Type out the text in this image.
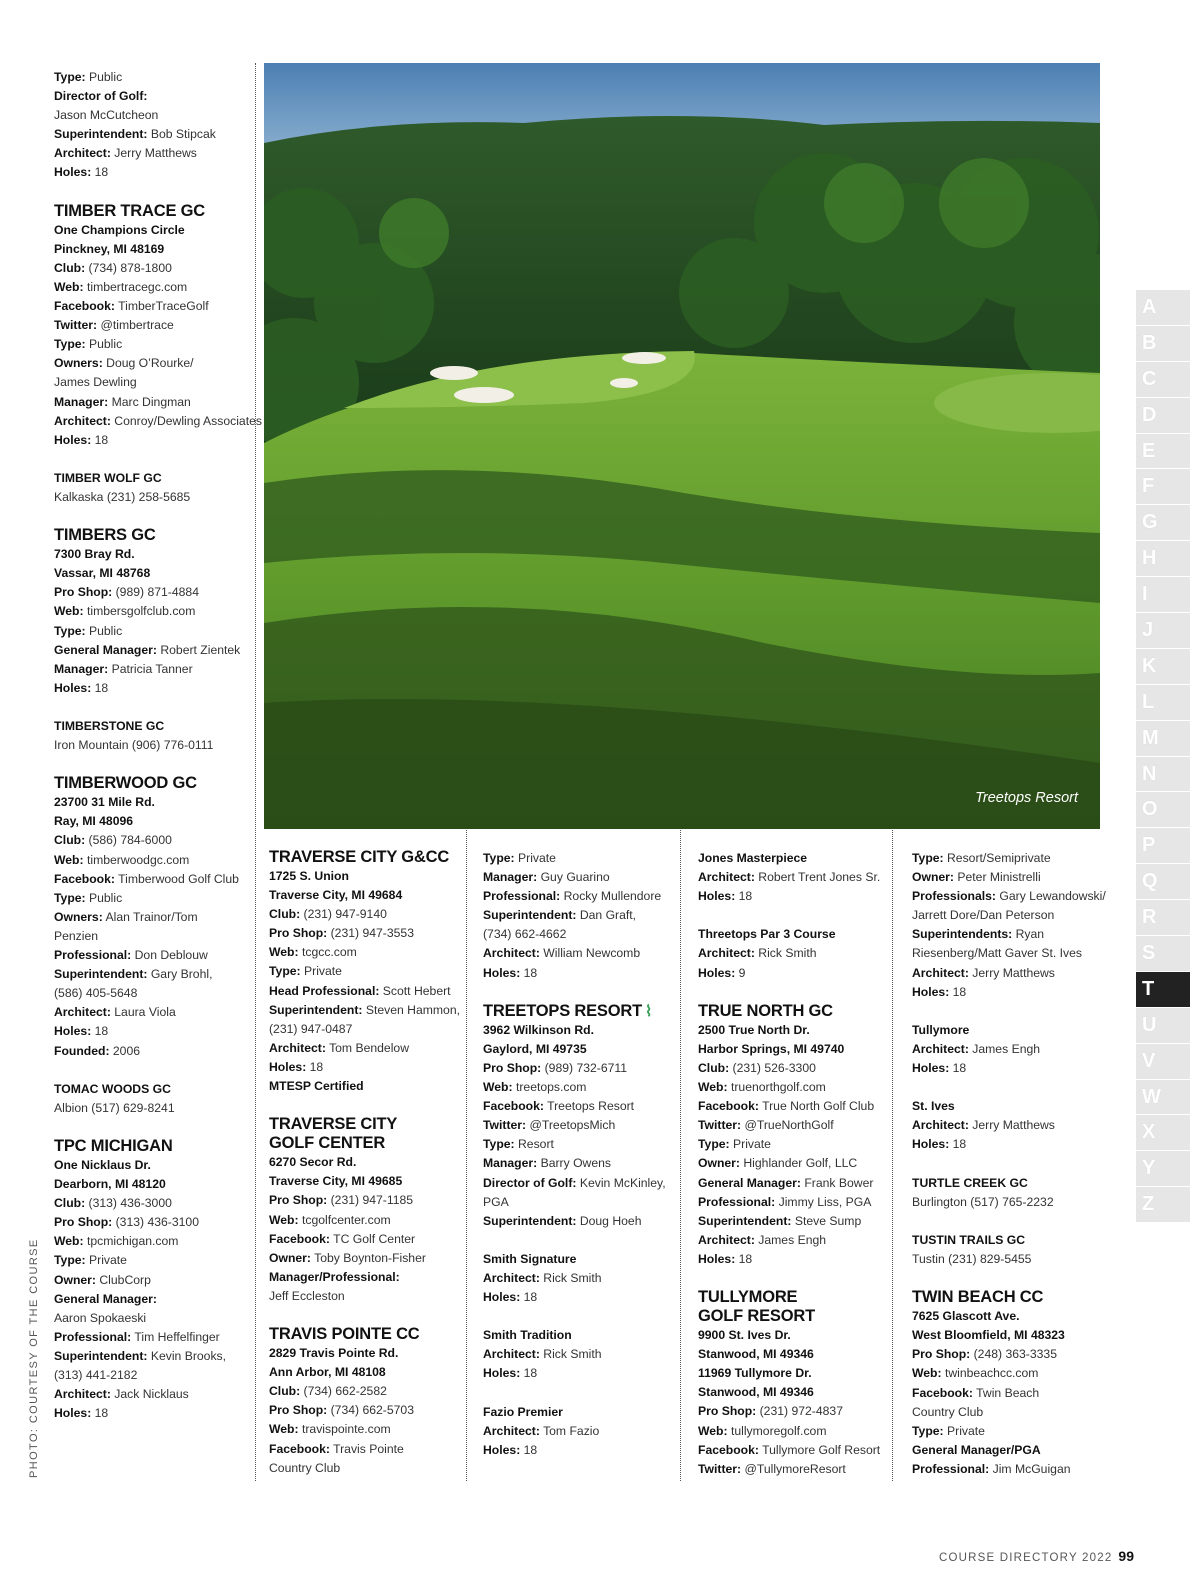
Treetops Resort
Type: Public
Director of Golf:
Jason McCutcheon
Superintendent: Bob Stipcak
Architect: Jerry Matthews
Holes: 18
TIMBER TRACE GC
One Champions Circle
Pinckney, MI 48169
Club: (734) 878-1800
Web: timbertracegc.com
Facebook: TimberTraceGolf
Twitter: @timbertrace
Type: Public
Owners: Doug O’Rourke/
James Dewling
Manager: Marc Dingman
Architect: Conroy/Dewling Associates
Holes: 18
TIMBER WOLF GC
Kalkaska (231) 258-5685
TIMBERS GC
7300 Bray Rd.
Vassar, MI 48768
Pro Shop: (989) 871-4884
Web: timbersgolfclub.com
Type: Public
General Manager: Robert Zientek
Manager: Patricia Tanner
Holes: 18
TIMBERSTONE GC
Iron Mountain (906) 776-0111
TIMBERWOOD GC
23700 31 Mile Rd.
Ray, MI 48096
Club: (586) 784-6000
Web: timberwoodgc.com
Facebook: Timberwood Golf Club
Type: Public
Owners: Alan Trainor/Tom
Penzien
Professional: Don Deblouw
Superintendent: Gary Brohl,
(586) 405-5648
Architect: Laura Viola
Holes: 18
Founded: 2006
TOMAC WOODS GC
Albion (517) 629-8241
TPC MICHIGAN
One Nicklaus Dr.
Dearborn, MI 48120
Club: (313) 436-3000
Pro Shop: (313) 436-3100
Web: tpcmichigan.com
Type: Private
Owner: ClubCorp
General Manager:
Aaron Spokaeski
Professional: Tim Heffelfinger
Superintendent: Kevin Brooks,
(313) 441-2182
Architect: Jack Nicklaus
Holes: 18
TRAVERSE CITY G&CC
1725 S. Union
Traverse City, MI 49684
Club: (231) 947-9140
Pro Shop: (231) 947-3553
Web: tcgcc.com
Type: Private
Head Professional: Scott Hebert
Superintendent: Steven Hammon,
(231) 947-0487
Architect: Tom Bendelow
Holes: 18
MTESP Certified
TRAVERSE CITY
GOLF CENTER
6270 Secor Rd.
Traverse City, MI 49685
Pro Shop: (231) 947-1185
Web: tcgolfcenter.com
Facebook: TC Golf Center
Owner: Toby Boynton-Fisher
Manager/Professional:
Jeff Eccleston
TRAVIS POINTE CC
2829 Travis Pointe Rd.
Ann Arbor, MI 48108
Club: (734) 662-2582
Pro Shop: (734) 662-5703
Web: travispointe.com
Facebook: Travis Pointe
Country Club
Type: Private
Manager: Guy Guarino
Professional: Rocky Mullendore
Superintendent: Dan Graft,
(734) 662-4662
Architect: William Newcomb
Holes: 18
TREETOPS RESORT ⌇
3962 Wilkinson Rd.
Gaylord, MI 49735
Pro Shop: (989) 732-6711
Web: treetops.com
Facebook: Treetops Resort
Twitter: @TreetopsMich
Type: Resort
Manager: Barry Owens
Director of Golf: Kevin McKinley,
PGA
Superintendent: Doug Hoeh
Smith Signature
Architect: Rick Smith
Holes: 18
Smith Tradition
Architect: Rick Smith
Holes: 18
Fazio Premier
Architect: Tom Fazio
Holes: 18
Jones Masterpiece
Architect: Robert Trent Jones Sr.
Holes: 18
Threetops Par 3 Course
Architect: Rick Smith
Holes: 9
TRUE NORTH GC
2500 True North Dr.
Harbor Springs, MI 49740
Club: (231) 526-3300
Web: truenorthgolf.com
Facebook: True North Golf Club
Twitter: @TrueNorthGolf
Type: Private
Owner: Highlander Golf, LLC
General Manager: Frank Bower
Professional: Jimmy Liss, PGA
Superintendent: Steve Sump
Architect: James Engh
Holes: 18
TULLYMORE
GOLF RESORT
9900 St. Ives Dr.
Stanwood, MI 49346
11969 Tullymore Dr.
Stanwood, MI 49346
Pro Shop: (231) 972-4837
Web: tullymoregolf.com
Facebook: Tullymore Golf Resort
Twitter: @TullymoreResort
Type: Resort/Semiprivate
Owner: Peter Ministrelli
Professionals: Gary Lewandowski/
Jarrett Dore/Dan Peterson
Superintendents: Ryan
Riesenberg/Matt Gaver St. Ives
Architect: Jerry Matthews
Holes: 18
Tullymore
Architect: James Engh
Holes: 18
St. Ives
Architect: Jerry Matthews
Holes: 18
TURTLE CREEK GC
Burlington (517) 765-2232
TUSTIN TRAILS GC
Tustin (231) 829-5455
TWIN BEACH CC
7625 Glascott Ave.
West Bloomfield, MI 48323
Pro Shop: (248) 363-3335
Web: twinbeachcc.com
Facebook: Twin Beach
Country Club
Type: Private
General Manager/PGA
Professional: Jim McGuigan
PHOTO: COURTESY OF THE COURSE
A
B
C
D
E
F
G
H
I
J
K
L
M
N
O
P
Q
R
S
T
U
V
W
X
Y
Z
COURSE DIRECTORY 2022 99
